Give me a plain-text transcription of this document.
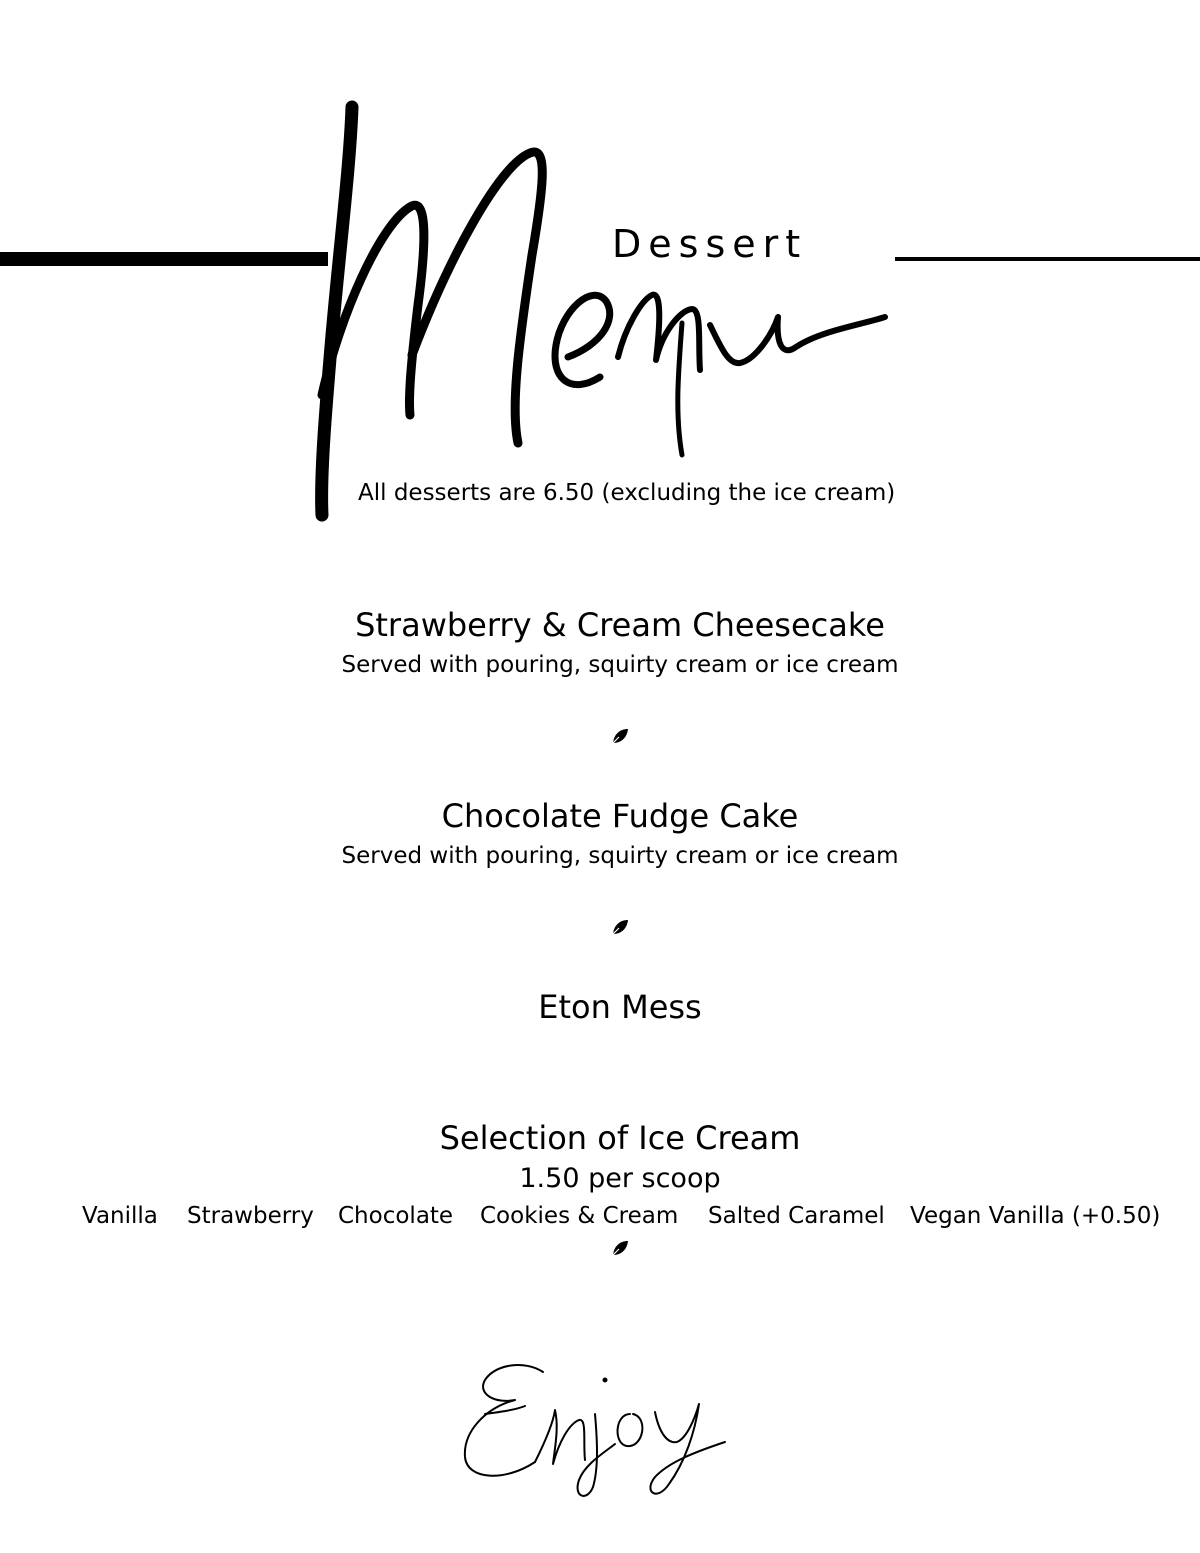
Dessert
All desserts are 6.50 (excluding the ice cream)
Strawberry & Cream Cheesecake
Served with pouring, squirty cream or ice cream
Chocolate Fudge Cake
Served with pouring, squirty cream or ice cream
Eton Mess
Selection of Ice Cream
1.50 per scoop
Vanilla Strawberry Chocolate Cookies & Cream Salted Caramel Vegan Vanilla (+0.50)
